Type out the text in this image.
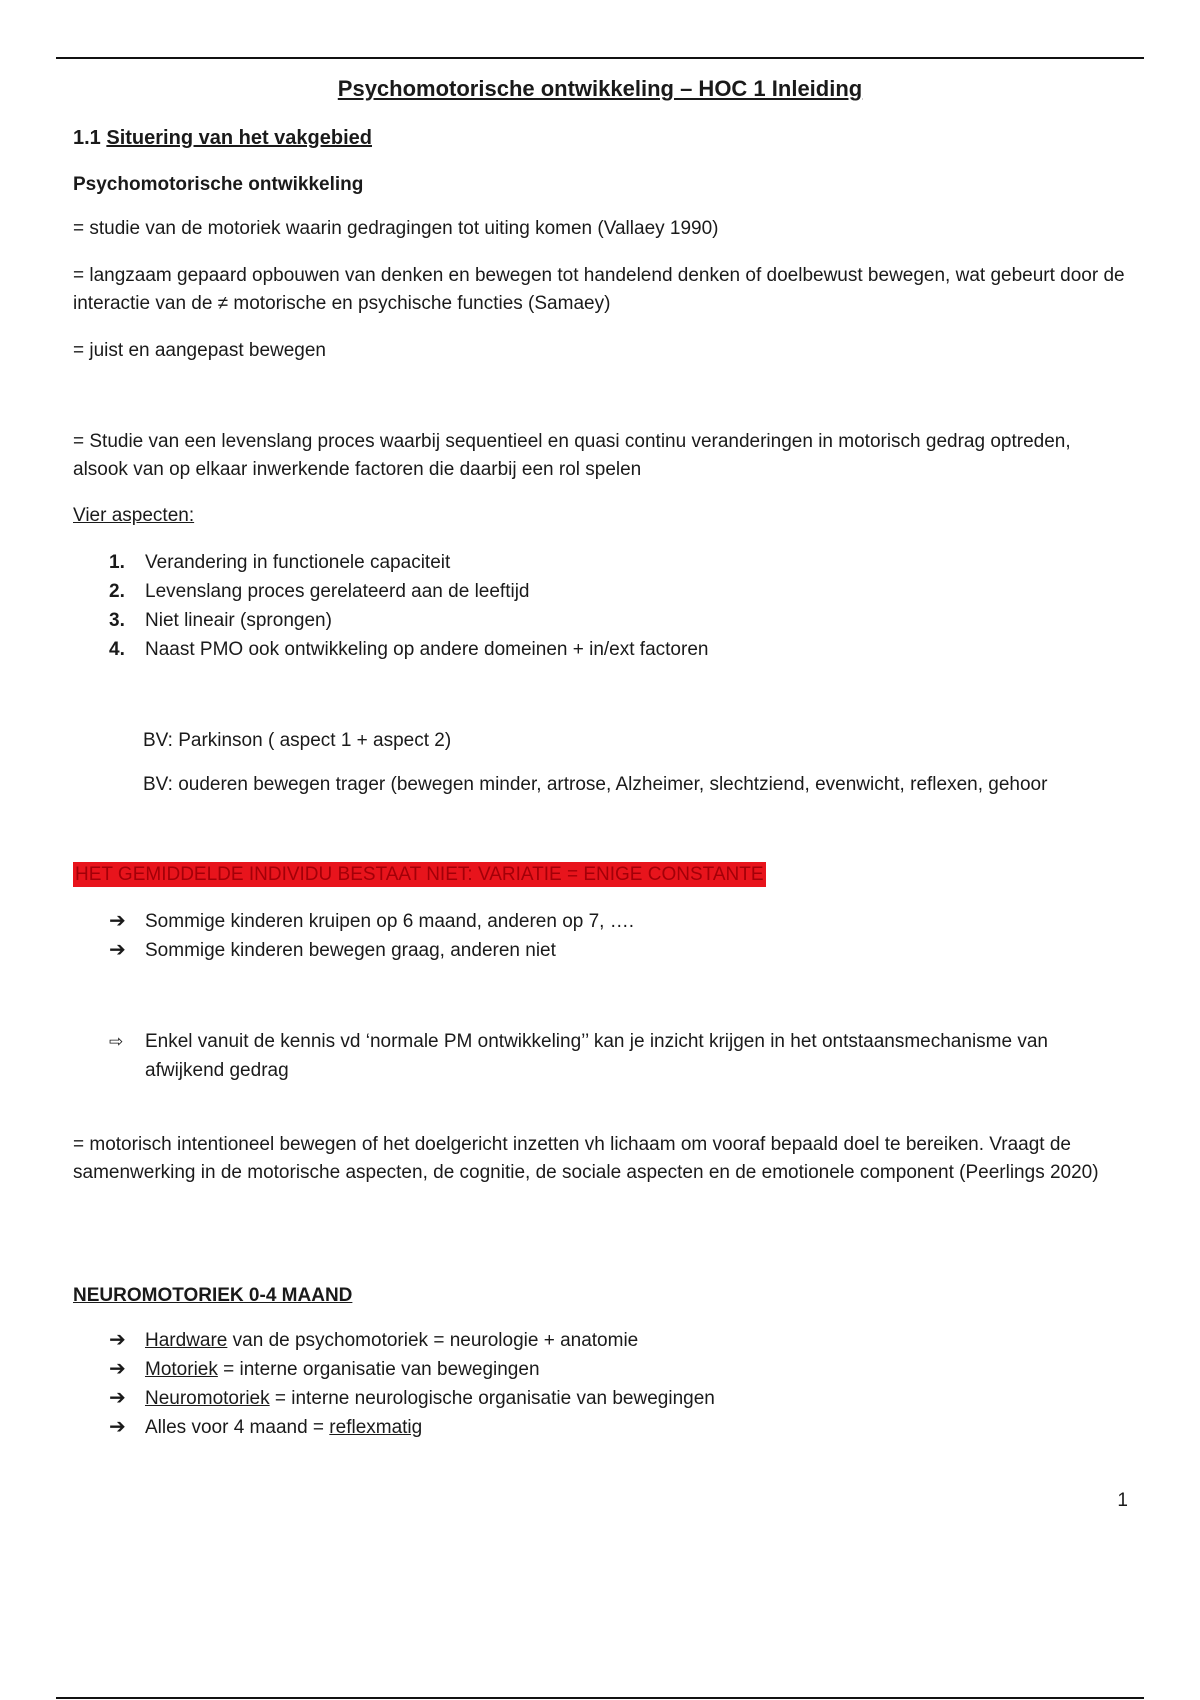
Psychomotorische ontwikkeling – HOC 1 Inleiding
1.1 Situering van het vakgebied
Psychomotorische ontwikkeling
= studie van de motoriek waarin gedragingen tot uiting komen (Vallaey 1990)
= langzaam gepaard opbouwen van denken en bewegen tot handelend denken of doelbewust bewegen, wat gebeurt door de interactie van de ≠ motorische en psychische functies (Samaey)
= juist en aangepast bewegen
= Studie van een levenslang proces waarbij sequentieel en quasi continu veranderingen in motorisch gedrag optreden, alsook van op elkaar inwerkende factoren die daarbij een rol spelen
Vier aspecten:
1. Verandering in functionele capaciteit
2. Levenslang proces gerelateerd aan de leeftijd
3. Niet lineair (sprongen)
4. Naast PMO ook ontwikkeling op andere domeinen + in/ext factoren
BV: Parkinson ( aspect 1 + aspect 2)
BV: ouderen bewegen trager (bewegen minder, artrose, Alzheimer, slechtziend, evenwicht, reflexen, gehoor
HET GEMIDDELDE INDIVIDU BESTAAT NIET: VARIATIE = ENIGE CONSTANTE
➔ Sommige kinderen kruipen op 6 maand, anderen op 7, ….
➔ Sommige kinderen bewegen graag, anderen niet
⇨ Enkel vanuit de kennis vd ‘normale PM ontwikkeling’’ kan je inzicht krijgen in het ontstaansmechanisme van afwijkend gedrag
= motorisch intentioneel bewegen of het doelgericht inzetten vh lichaam om vooraf bepaald doel te bereiken. Vraagt de samenwerking in de motorische aspecten, de cognitie, de sociale aspecten en de emotionele component (Peerlings 2020)
NEUROMOTORIEK 0-4 MAAND
➔ Hardware van de psychomotoriek = neurologie + anatomie
➔ Motoriek = interne organisatie van bewegingen
➔ Neuromotoriek = interne neurologische organisatie van bewegingen
➔ Alles voor 4 maand = reflexmatig
1
